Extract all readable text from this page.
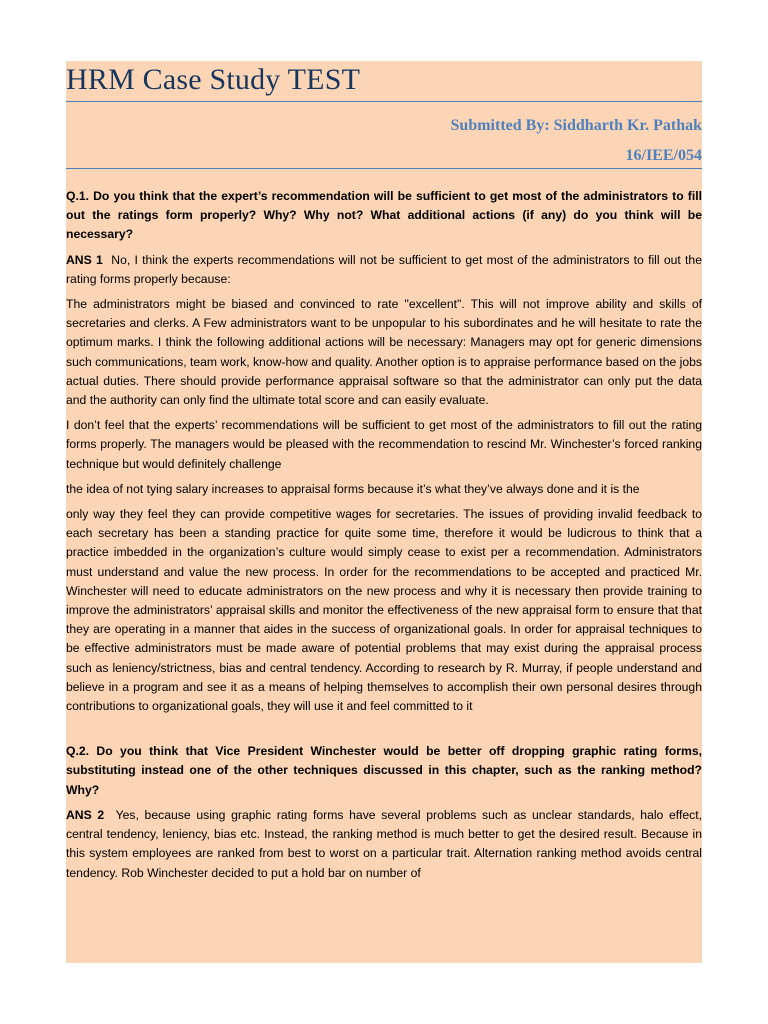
HRM Case Study TEST
Submitted By: Siddharth Kr. Pathak
16/IEE/054

Q.1. Do you think that the expert’s recommendation will be sufficient to get most of the administrators to fill out the ratings form properly? Why? Why not? What additional actions (if any) do you think will be necessary?

ANS 1 No, I think the experts recommendations will not be sufficient to get most of the administrators to fill out the rating forms properly because:

The administrators might be biased and convinced to rate "excellent". This will not improve ability and skills of secretaries and clerks. A Few administrators want to be unpopular to his subordinates and he will hesitate to rate the optimum marks. I think the following additional actions will be necessary: Managers may opt for generic dimensions such communications, team work, know-how and quality. Another option is to appraise performance based on the jobs actual duties. There should provide performance appraisal software so that the administrator can only put the data and the authority can only find the ultimate total score and can easily evaluate.

I don’t feel that the experts’ recommendations will be sufficient to get most of the administrators to fill out the rating forms properly. The managers would be pleased with the recommendation to rescind Mr. Winchester’s forced ranking technique but would definitely challenge

the idea of not tying salary increases to appraisal forms because it’s what they’ve always done and it is the

only way they feel they can provide competitive wages for secretaries. The issues of providing invalid feedback to each secretary has been a standing practice for quite some time, therefore it would be ludicrous to think that a practice imbedded in the organization’s culture would simply cease to exist per a recommendation. Administrators must understand and value the new process. In order for the recommendations to be accepted and practiced Mr. Winchester will need to educate administrators on the new process and why it is necessary then provide training to improve the administrators’ appraisal skills and monitor the effectiveness of the new appraisal form to ensure that that they are operating in a manner that aides in the success of organizational goals. In order for appraisal techniques to be effective administrators must be made aware of potential problems that may exist during the appraisal process such as leniency/strictness, bias and central tendency. According to research by R. Murray, if people understand and believe in a program and see it as a means of helping themselves to accomplish their own personal desires through contributions to organizational goals, they will use it and feel committed to it

Q.2. Do you think that Vice President Winchester would be better off dropping graphic rating forms, substituting instead one of the other techniques discussed in this chapter, such as the ranking method? Why?

ANS 2 Yes, because using graphic rating forms have several problems such as unclear standards, halo effect, central tendency, leniency, bias etc. Instead, the ranking method is much better to get the desired result. Because in this system employees are ranked from best to worst on a particular trait. Alternation ranking method avoids central tendency. Rob Winchester decided to put a hold bar on number of
